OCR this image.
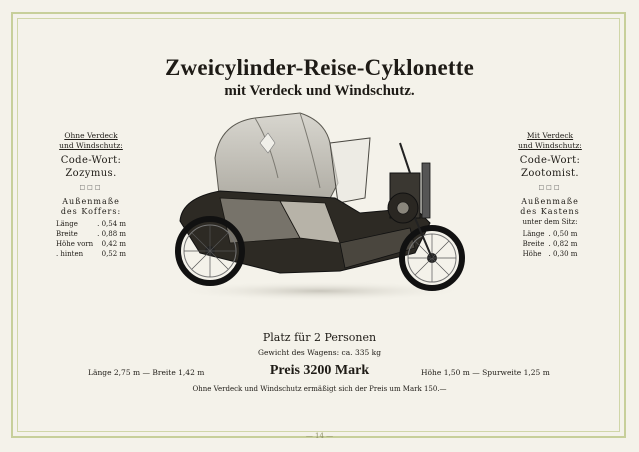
Zweicylinder-Reise-Cyklonette
mit Verdeck und Windschutz.
Ohne Verdeck
und Windschutz:
Code-Wort:
Zozymus.
□□□
Außenmaße
des Koffers:
Länge	. 0,54 m
Breite	. 0,88 m
Höhe vorn	0,42 m
. hinten	0,52 m
Mit Verdeck
und Windschutz:
Code-Wort:
Zootomist.
□□□
Außenmaße
des Kastens
unter dem Sitz:
Länge	. 0,50 m
Breite	. 0,82 m
Höhe	. 0,30 m
Platz für 2 Personen
Gewicht des Wagens: ca. 335 kg
Länge 2,75 m — Breite 1,42 m	Preis 3200 Mark	Höhe 1,50 m — Spurweite 1,25 m
Ohne Verdeck und Windschutz ermäßigt sich der Preis um Mark 150.—
— 14 —
